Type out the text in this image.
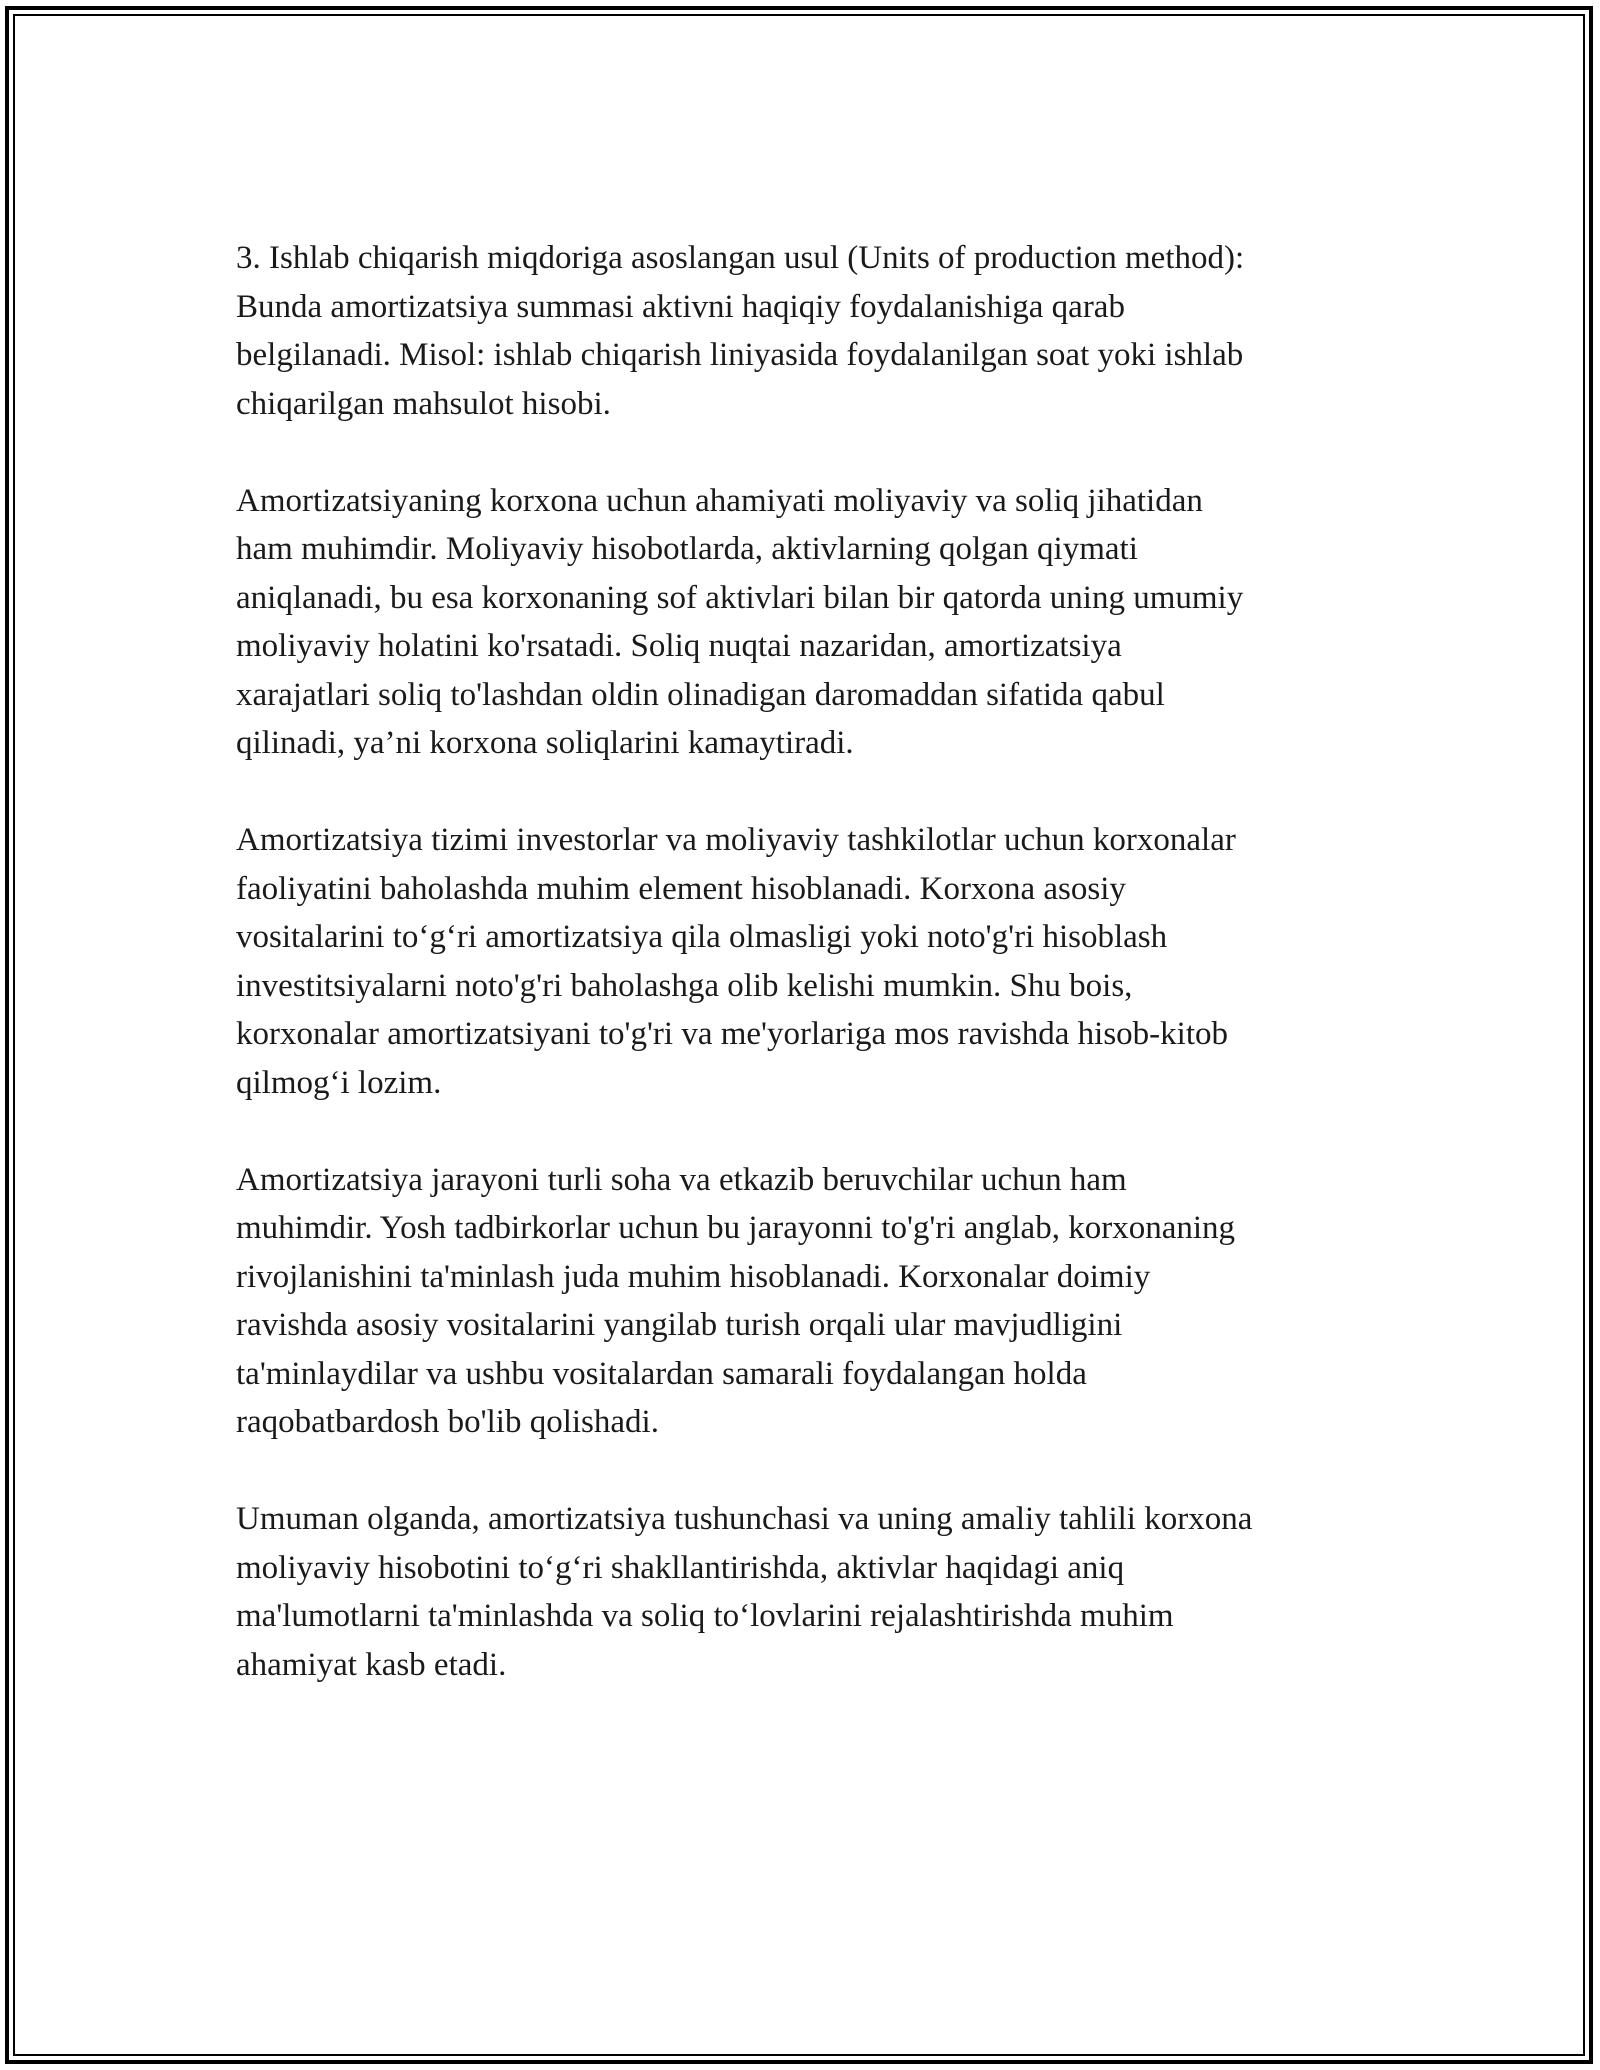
3. Ishlab chiqarish miqdoriga asoslangan usul (Units of production method):
Bunda amortizatsiya summasi aktivni haqiqiy foydalanishiga qarab
belgilanadi. Misol: ishlab chiqarish liniyasida foydalanilgan soat yoki ishlab
chiqarilgan mahsulot hisobi.

Amortizatsiyaning korxona uchun ahamiyati moliyaviy va soliq jihatidan
ham muhimdir. Moliyaviy hisobotlarda, aktivlarning qolgan qiymati
aniqlanadi, bu esa korxonaning sof aktivlari bilan bir qatorda uning umumiy
moliyaviy holatini ko'rsatadi. Soliq nuqtai nazaridan, amortizatsiya
xarajatlari soliq to'lashdan oldin olinadigan daromaddan sifatida qabul
qilinadi, ya’ni korxona soliqlarini kamaytiradi.

Amortizatsiya tizimi investorlar va moliyaviy tashkilotlar uchun korxonalar
faoliyatini baholashda muhim element hisoblanadi. Korxona asosiy
vositalarini to‘g‘ri amortizatsiya qila olmasligi yoki noto'g'ri hisoblash
investitsiyalarni noto'g'ri baholashga olib kelishi mumkin. Shu bois,
korxonalar amortizatsiyani to'g'ri va me'yorlariga mos ravishda hisob-kitob
qilmog‘i lozim.

Amortizatsiya jarayoni turli soha va etkazib beruvchilar uchun ham
muhimdir. Yosh tadbirkorlar uchun bu jarayonni to'g'ri anglab, korxonaning
rivojlanishini ta'minlash juda muhim hisoblanadi. Korxonalar doimiy
ravishda asosiy vositalarini yangilab turish orqali ular mavjudligini
ta'minlaydilar va ushbu vositalardan samarali foydalangan holda
raqobatbardosh bo'lib qolishadi.

Umuman olganda, amortizatsiya tushunchasi va uning amaliy tahlili korxona
moliyaviy hisobotini to‘g‘ri shakllantirishda, aktivlar haqidagi aniq
ma'lumotlarni ta'minlashda va soliq to‘lovlarini rejalashtirishda muhim
ahamiyat kasb etadi.
